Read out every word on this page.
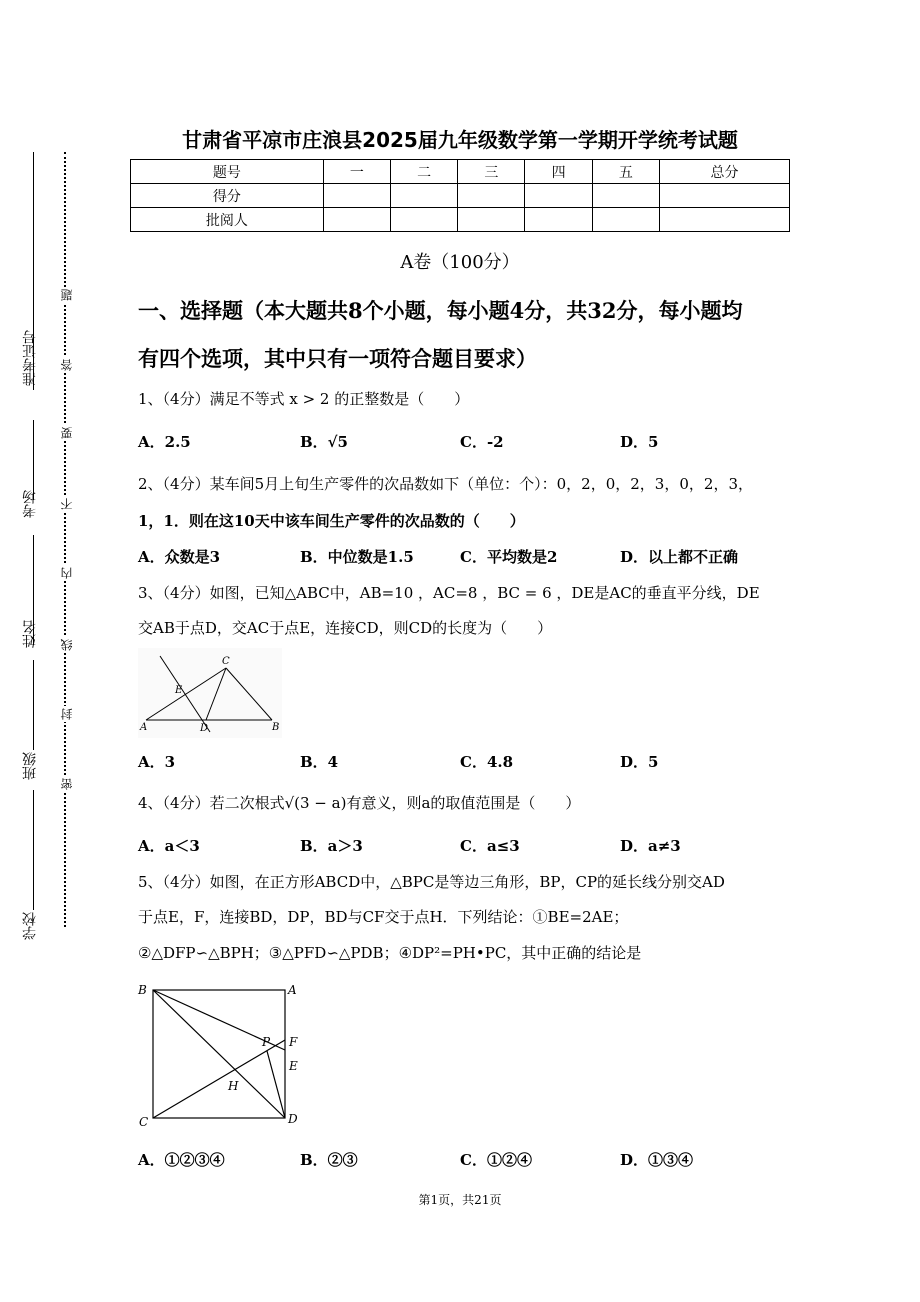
准考证号
考场
姓名
班级
学校
题
答
要
不
内
线
封
密
甘肃省平凉市庄浪县2025届九年级数学第一学期开学统考试题
题号	一	二	三	四	五	总分
得分						
批阅人						
A卷（100分）
一、选择题（本大题共8个小题，每小题4分，共32分，每小题均
有四个选项，其中只有一项符合题目要求）
1、（4分）满足不等式 x > 2 的正整数是（　　）
A．2.5	B．√5	C．-2	D．5
2、（4分）某车间5月上旬生产零件的次品数如下（单位：个）：0，2，0，2，3，0，2，3，
1，1．则在这10天中该车间生产零件的次品数的（　　）
A．众数是3	B．中位数是1.5	C．平均数是2	D．以上都不正确
3、（4分）如图，已知△ABC中，AB=10 ，AC=8 ，BC = 6 ，DE是AC的垂直平分线，DE
交AB于点D，交AC于点E，连接CD，则CD的长度为（　　）
A	B
C
D
E
A．3	B．4	C．4.8	D．5
4、（4分）若二次根式√(3 − a)有意义，则a的取值范围是（　　）
A．a＜3	B．a＞3	C．a≤3	D．a≠3
5、（4分）如图，在正方形ABCD中，△BPC是等边三角形，BP，CP的延长线分别交AD
于点E，F，连接BD，DP，BD与CF交于点H．下列结论：①BE=2AE；
②△DFP∽△BPH；③△PFD∽△PDB；④DP²=PH•PC，其中正确的结论是
B	A
P F
E
H
C	D
A．①②③④	B．②③	C．①②④	D．①③④
第1页，共21页
